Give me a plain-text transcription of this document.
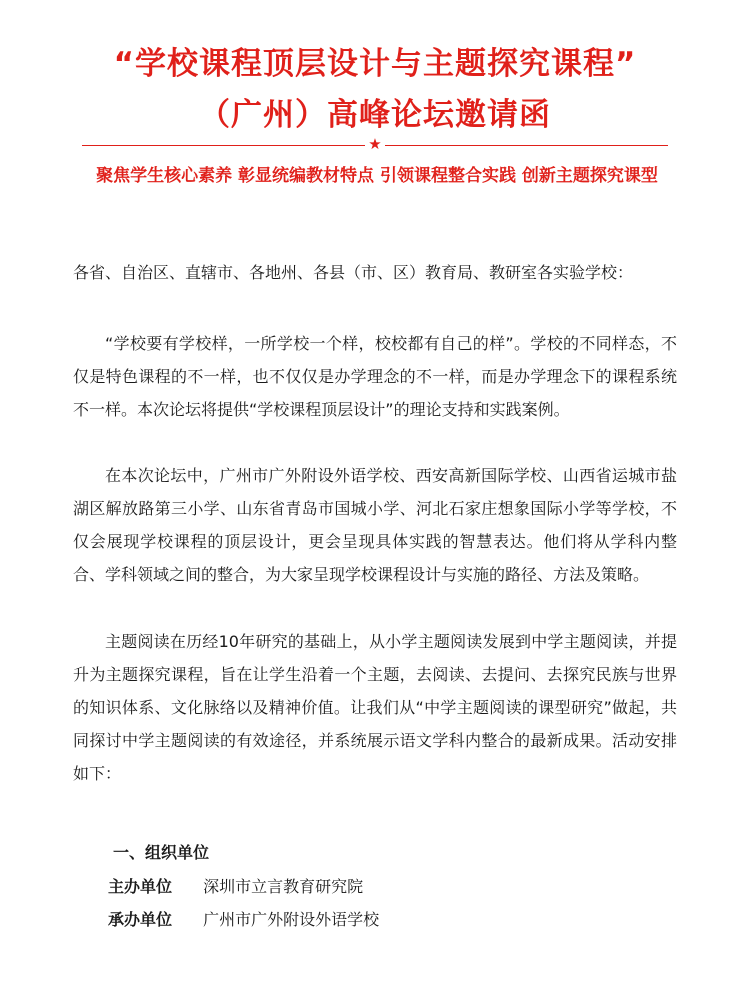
“学校课程顶层设计与主题探究课程”
（广州）高峰论坛邀请函
★

聚焦学生核心素养 彰显统编教材特点 引领课程整合实践 创新主题探究课型

各省、自治区、直辖市、各地州、各县（市、区）教育局、教研室各实验学校：

“学校要有学校样，一所学校一个样，校校都有自己的样”。学校的不同样态，不仅是特色课程的不一样，也不仅仅是办学理念的不一样，而是办学理念下的课程系统不一样。本次论坛将提供“学校课程顶层设计”的理论支持和实践案例。

在本次论坛中，广州市广外附设外语学校、西安高新国际学校、山西省运城市盐湖区解放路第三小学、山东省青岛市国城小学、河北石家庄想象国际小学等学校，不仅会展现学校课程的顶层设计，更会呈现具体实践的智慧表达。他们将从学科内整合、学科领域之间的整合，为大家呈现学校课程设计与实施的路径、方法及策略。

主题阅读在历经10年研究的基础上，从小学主题阅读发展到中学主题阅读，并提升为主题探究课程，旨在让学生沿着一个主题，去阅读、去提问、去探究民族与世界的知识体系、文化脉络以及精神价值。让我们从“中学主题阅读的课型研究”做起，共同探讨中学主题阅读的有效途径，并系统展示语文学科内整合的最新成果。活动安排如下：

一、组织单位

主办单位 深圳市立言教育研究院
承办单位 广州市广外附设外语学校
